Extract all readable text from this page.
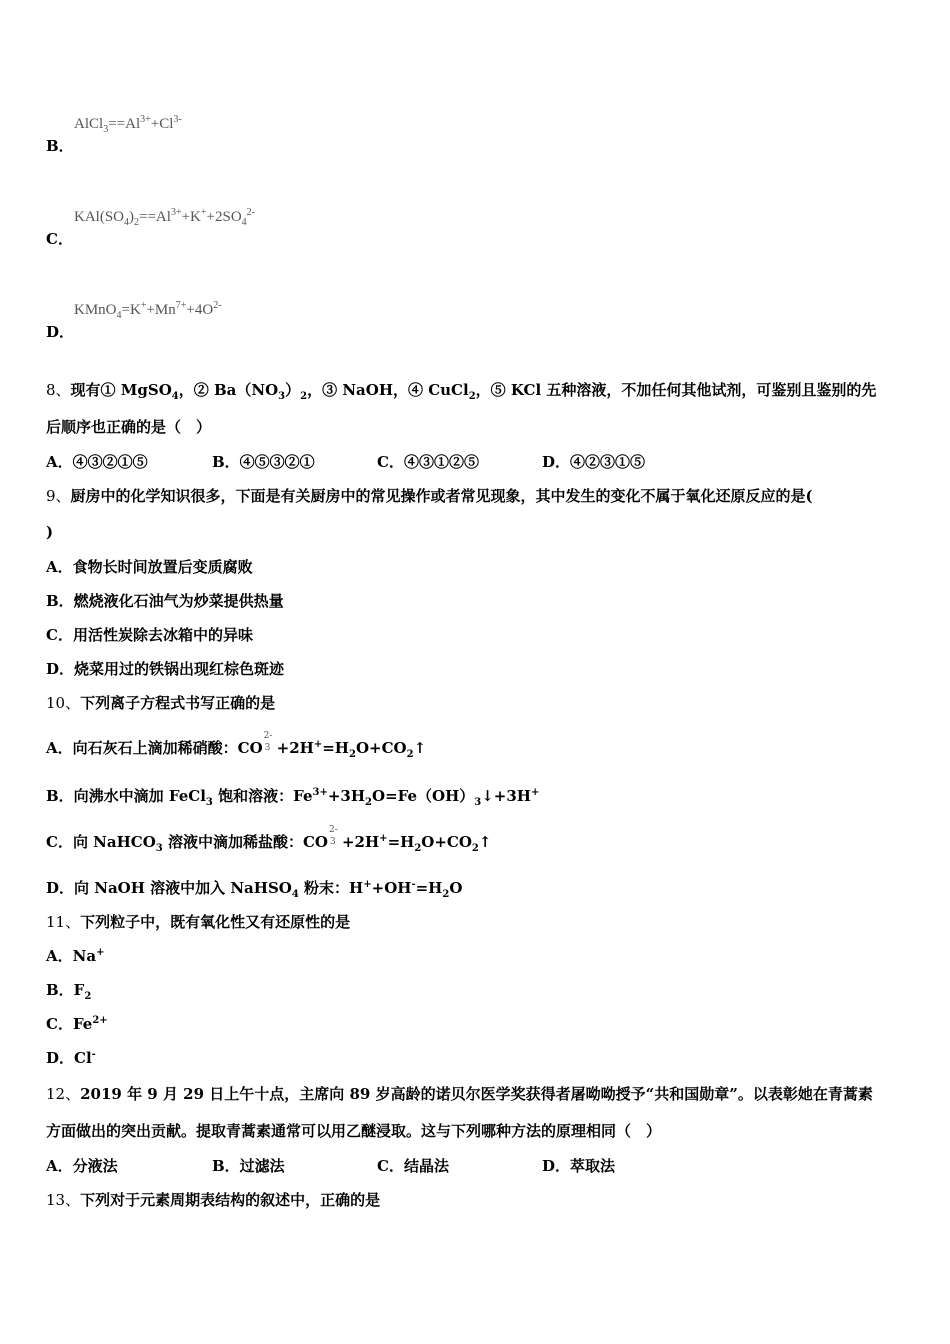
B．
$AlCl_3==Al^{3+}+Cl^{3-}$
C．
$KAl(SO_4)_2==Al^{3+}+K^++2SO_4^{2-}$
D．
$KMnO_4=K^++Mn^{7+}+4O^{2-}$
8、现有① MgSO$_4$，② $Ba(NO_3)_2$，③ NaOH，④ CuCl$_2$，⑤ KCl 五种溶液，不加任何其他试剂，可鉴别且鉴别的先
后顺序也正确的是（　）
A．④③②①⑤	B．④⑤③②①	C．④③①②⑤	D．④②③①⑤
9、厨房中的化学知识很多，下面是有关厨房中的常见操作或者常见现象，其中发生的变化不属于氧化还原反应的是(
)
A．食物长时间放置后变质腐败
B．燃烧液化石油气为炒菜提供热量
C．用活性炭除去冰箱中的异味
D．烧菜用过的铁锅出现红棕色斑迹
10、下列离子方程式书写正确的是
A．向石灰石上滴加稀硝酸：CO
2-
$3 +2H^+=H_2O+CO_2↑$
B．向沸水中滴加 FeCl$_3$ 饱和溶液：$Fe^{3+}+3H_2O=Fe(OH)_3↓+3H^+$
C．向 NaHCO$_3$ 溶液中滴加稀盐酸：CO
2-
$3 +2H^+=H_2O+CO_2↑$
D．向 NaOH 溶液中加入 NaHSO$_4$ 粉末：$H^++OH^-=H_2O$
11、下列粒子中，既有氧化性又有还原性的是
A．Na+
B．$F_2$
C．$Fe^{2+}$
D．Cl-
12、2019 年 9 月 29 日上午十点，主席向 89 岁高龄的诺贝尔医学奖获得者屠呦呦授予“共和国勋章”。以表彰她在青蒿素
方面做出的突出贡献。提取青蒿素通常可以用乙醚浸取。这与下列哪种方法的原理相同（　）
A．分液法	B．过滤法	C．结晶法	D．萃取法
13、下列对于元素周期表结构的叙述中，正确的是
